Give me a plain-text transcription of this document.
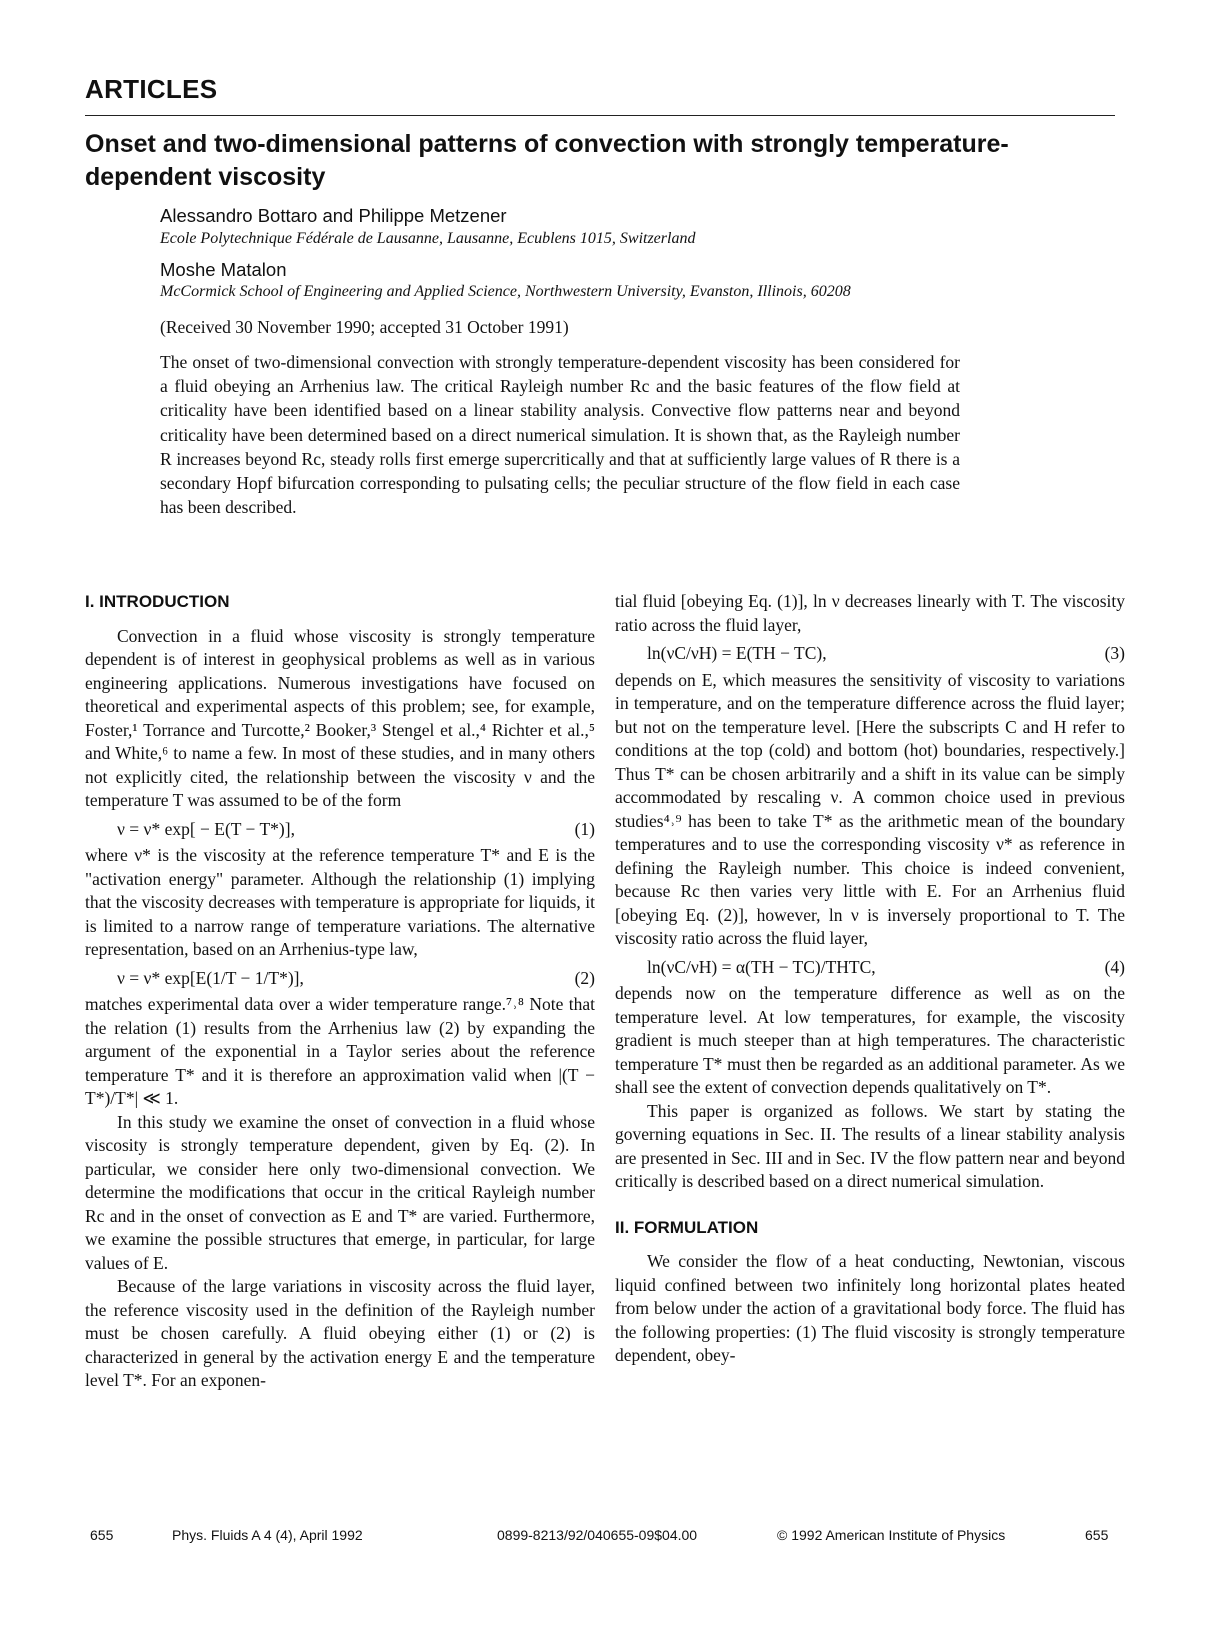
ARTICLES
Onset and two-dimensional patterns of convection with strongly temperature-dependent viscosity
Alessandro Bottaro and Philippe Metzener
Ecole Polytechnique Fédérale de Lausanne, Lausanne, Ecublens 1015, Switzerland
Moshe Matalon
McCormick School of Engineering and Applied Science, Northwestern University, Evanston, Illinois, 60208
(Received 30 November 1990; accepted 31 October 1991)
The onset of two-dimensional convection with strongly temperature-dependent viscosity has been considered for a fluid obeying an Arrhenius law. The critical Rayleigh number Rc and the basic features of the flow field at criticality have been identified based on a linear stability analysis. Convective flow patterns near and beyond criticality have been determined based on a direct numerical simulation. It is shown that, as the Rayleigh number R increases beyond Rc, steady rolls first emerge supercritically and that at sufficiently large values of R there is a secondary Hopf bifurcation corresponding to pulsating cells; the peculiar structure of the flow field in each case has been described.
I. INTRODUCTION

Convection in a fluid whose viscosity is strongly temperature dependent is of interest in geophysical problems as well as in various engineering applications. Numerous investigations have focused on theoretical and experimental aspects of this problem; see, for example, Foster,¹ Torrance and Turcotte,² Booker,³ Stengel et al.,⁴ Richter et al.,⁵ and White,⁶ to name a few. In most of these studies, and in many others not explicitly cited, the relationship between the viscosity ν and the temperature T was assumed to be of the form

ν = ν* exp[ − E(T − T*)],	(1)

where ν* is the viscosity at the reference temperature T* and E is the "activation energy" parameter. Although the relationship (1) implying that the viscosity decreases with temperature is appropriate for liquids, it is limited to a narrow range of temperature variations. The alternative representation, based on an Arrhenius-type law,

ν = ν* exp[E(1/T − 1/T*)],	(2)

matches experimental data over a wider temperature range.⁷˒⁸ Note that the relation (1) results from the Arrhenius law (2) by expanding the argument of the exponential in a Taylor series about the reference temperature T* and it is therefore an approximation valid when |(T − T*)/T*| ≪ 1.

In this study we examine the onset of convection in a fluid whose viscosity is strongly temperature dependent, given by Eq. (2). In particular, we consider here only two-dimensional convection. We determine the modifications that occur in the critical Rayleigh number Rc and in the onset of convection as E and T* are varied. Furthermore, we examine the possible structures that emerge, in particular, for large values of E.

Because of the large variations in viscosity across the fluid layer, the reference viscosity used in the definition of the Rayleigh number must be chosen carefully. A fluid obeying either (1) or (2) is characterized in general by the activation energy E and the temperature level T*. For an exponen-

tial fluid [obeying Eq. (1)], ln ν decreases linearly with T. The viscosity ratio across the fluid layer,

ln(νC/νH) = E(TH − TC),	(3)

depends on E, which measures the sensitivity of viscosity to variations in temperature, and on the temperature difference across the fluid layer; but not on the temperature level. [Here the subscripts C and H refer to conditions at the top (cold) and bottom (hot) boundaries, respectively.] Thus T* can be chosen arbitrarily and a shift in its value can be simply accommodated by rescaling ν. A common choice used in previous studies⁴˒⁹ has been to take T* as the arithmetic mean of the boundary temperatures and to use the corresponding viscosity ν* as reference in defining the Rayleigh number. This choice is indeed convenient, because Rc then varies very little with E. For an Arrhenius fluid [obeying Eq. (2)], however, ln ν is inversely proportional to T. The viscosity ratio across the fluid layer,

ln(νC/νH) = α(TH − TC)/THTC,	(4)

depends now on the temperature difference as well as on the temperature level. At low temperatures, for example, the viscosity gradient is much steeper than at high temperatures. The characteristic temperature T* must then be regarded as an additional parameter. As we shall see the extent of convection depends qualitatively on T*.

This paper is organized as follows. We start by stating the governing equations in Sec. II. The results of a linear stability analysis are presented in Sec. III and in Sec. IV the flow pattern near and beyond critically is described based on a direct numerical simulation.

II. FORMULATION

We consider the flow of a heat conducting, Newtonian, viscous liquid confined between two infinitely long horizontal plates heated from below under the action of a gravitational body force. The fluid has the following properties: (1) The fluid viscosity is strongly temperature dependent, obey-

655	Phys. Fluids A 4 (4), April 1992	0899-8213/92/040655-09$04.00	© 1992 American Institute of Physics	655
